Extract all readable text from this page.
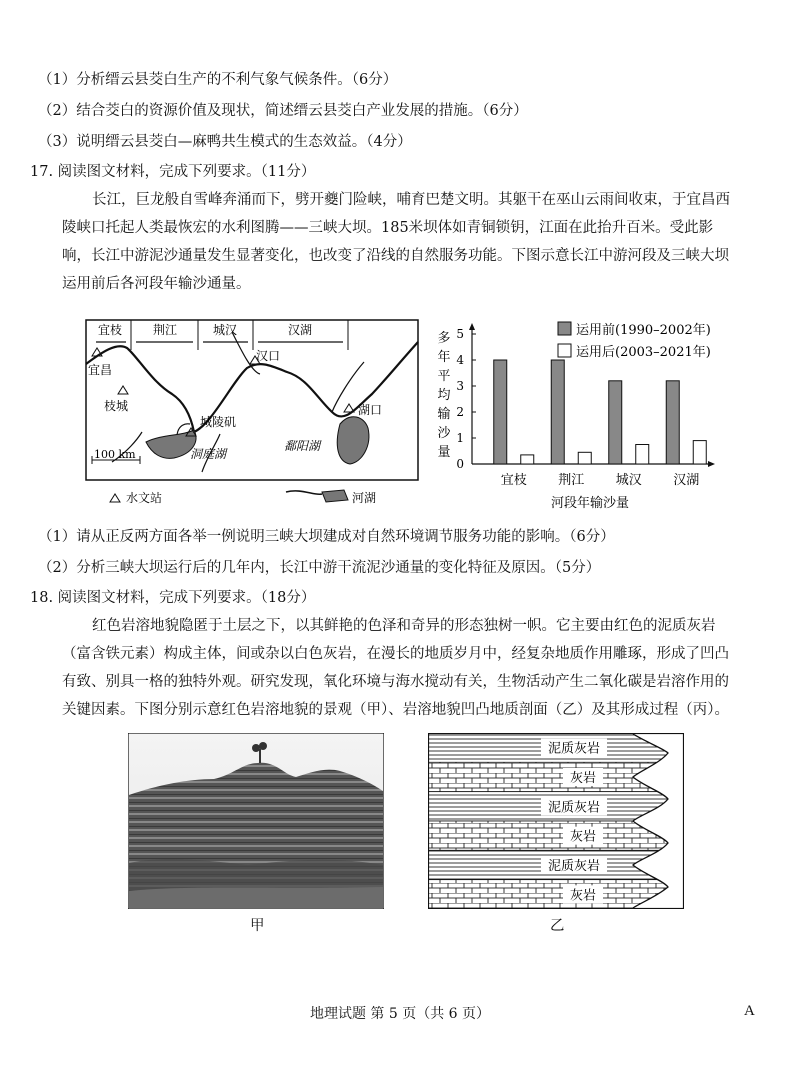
（1）分析缙云县茭白生产的不利气象气候条件。（6分）
（2）结合茭白的资源价值及现状，简述缙云县茭白产业发展的措施。（6分）
（3）说明缙云县茭白—麻鸭共生模式的生态效益。（4分）
17. 阅读图文材料，完成下列要求。（11分）
长江，巨龙般自雪峰奔涌而下，劈开夔门险峡，哺育巴楚文明。其躯干在巫山云雨间收束，于宜昌西陵峡口托起人类最恢宏的水利图腾——三峡大坝。185米坝体如青铜锁钥，江面在此抬升百米。受此影响，长江中游泥沙通量发生显著变化，也改变了沿线的自然服务功能。下图示意长江中游河段及三峡大坝运用前后各河段年输沙通量。
宜枝	荆江	城汉	汉湖
宜昌
枝城
汉口
城陵矶
湖口
洞庭湖
鄱阳湖
100 km
水文站	河湖
多
年
平
均
输
沙
量
0
1
2
3
4
5
宜枝 荆江 城汉 汉湖
运用前(1990–2002年)
运用后(2003–2021年)
河段年输沙量
（1）请从正反两方面各举一例说明三峡大坝建成对自然环境调节服务功能的影响。（6分）
（2）分析三峡大坝运行后的几年内，长江中游干流泥沙通量的变化特征及原因。（5分）
18. 阅读图文材料，完成下列要求。（18分）
红色岩溶地貌隐匿于土层之下，以其鲜艳的色泽和奇异的形态独树一帜。它主要由红色的泥质灰岩（富含铁元素）构成主体，间或杂以白色灰岩，在漫长的地质岁月中，经复杂地质作用雕琢，形成了凹凸有致、别具一格的独特外观。研究发现，氧化环境与海水搅动有关，生物活动产生二氧化碳是岩溶作用的关键因素。下图分别示意红色岩溶地貌的景观（甲）、岩溶地貌凹凸地质剖面（乙）及其形成过程（丙）。
甲
泥质灰岩
灰岩
泥质灰岩
灰岩
泥质灰岩
灰岩
乙
地理试题 第 5 页（共 6 页）	A
